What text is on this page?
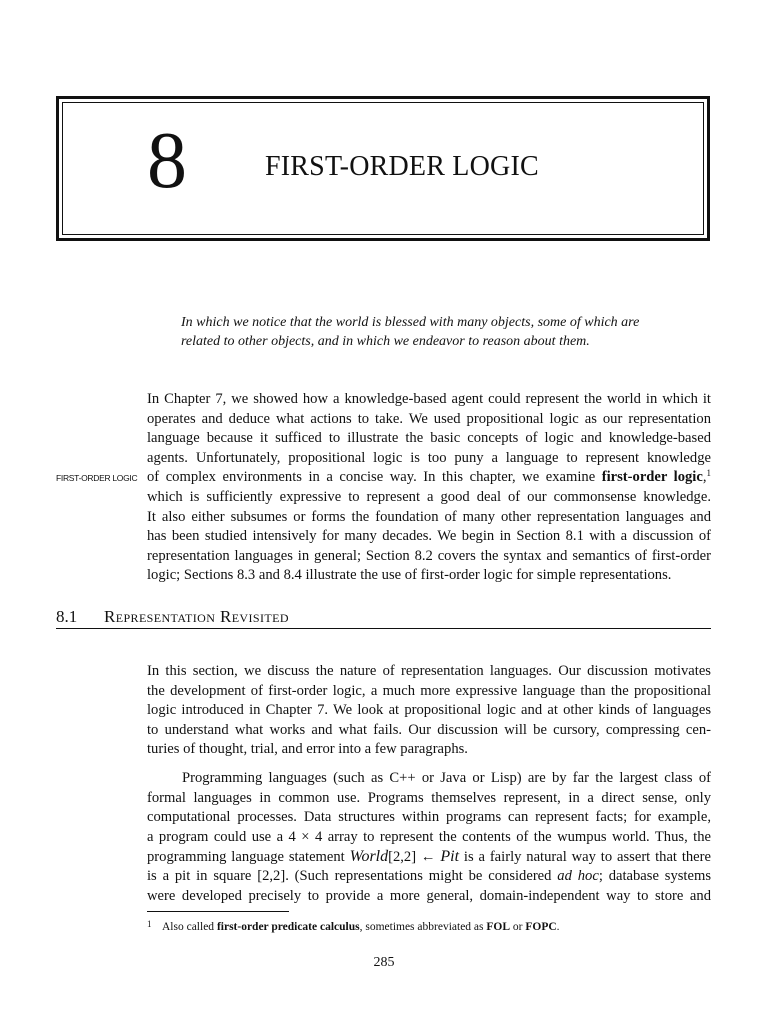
8	FIRST-ORDER LOGIC
In which we notice that the world is blessed with many objects, some of which are
related to other objects, and in which we endeavor to reason about them.
FIRST-ORDER LOGIC
In Chapter 7, we showed how a knowledge-based agent could represent the world in which it
operates and deduce what actions to take. We used propositional logic as our representation
language because it sufficed to illustrate the basic concepts of logic and knowledge-based
agents. Unfortunately, propositional logic is too puny a language to represent knowledge
of complex environments in a concise way. In this chapter, we examine first-order logic,$^1$
which is sufficiently expressive to represent a good deal of our commonsense knowledge.
It also either subsumes or forms the foundation of many other representation languages and
has been studied intensively for many decades. We begin in Section 8.1 with a discussion of
representation languages in general; Section 8.2 covers the syntax and semantics of first-order
logic; Sections 8.3 and 8.4 illustrate the use of first-order logic for simple representations.
8.1 Representation Revisited
In this section, we discuss the nature of representation languages. Our discussion motivates
the development of first-order logic, a much more expressive language than the propositional
logic introduced in Chapter 7. We look at propositional logic and at other kinds of languages
to understand what works and what fails. Our discussion will be cursory, compressing cen-
turies of thought, trial, and error into a few paragraphs.
Programming languages (such as C++ or Java or Lisp) are by far the largest class of
formal languages in common use. Programs themselves represent, in a direct sense, only
computational processes. Data structures within programs can represent facts; for example,
a program could use a 4 × 4 array to represent the contents of the wumpus world. Thus, the
programming language statement World[2,2] ← Pit is a fairly natural way to assert that there
is a pit in square [2,2]. (Such representations might be considered ad hoc; database systems
were developed precisely to provide a more general, domain-independent way to store and
1 Also called first-order predicate calculus, sometimes abbreviated as FOL or FOPC.
285
